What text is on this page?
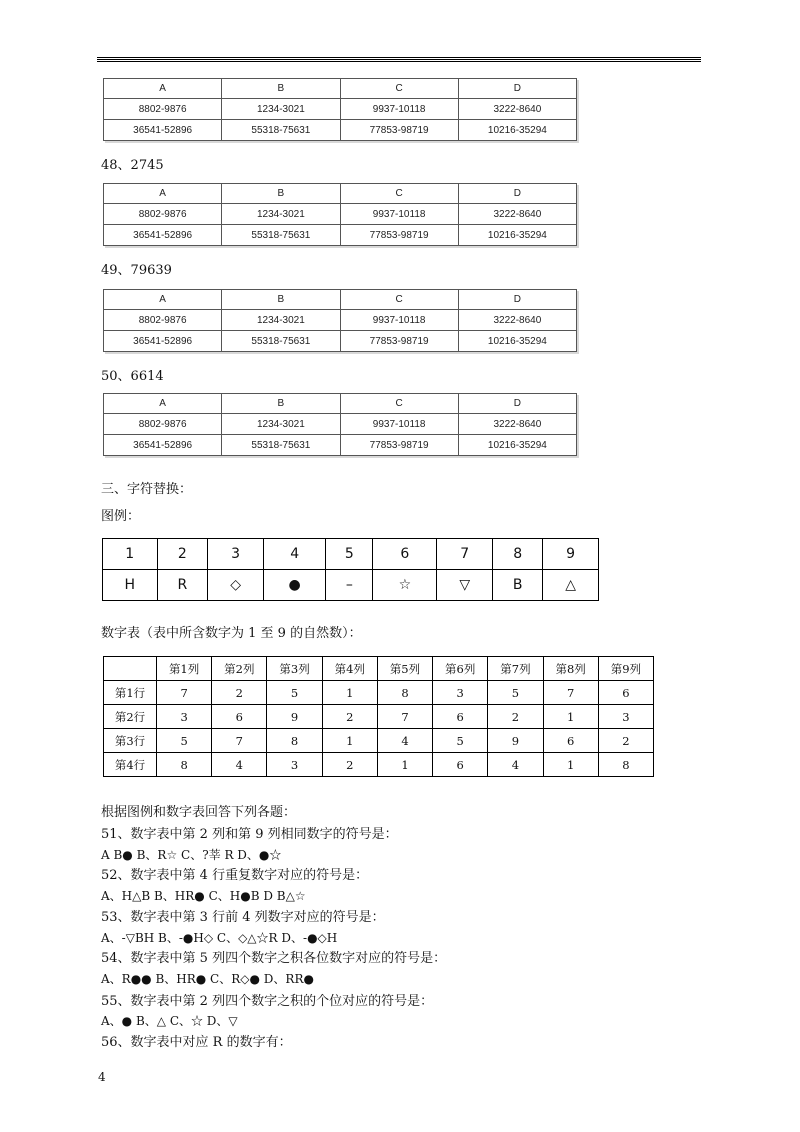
A	B	C	D
8802-9876	1234-3021	9937-10118	3222-8640
36541-52896	55318-75631	77853-98719	10216-35294
48、2745
A	B	C	D
8802-9876	1234-3021	9937-10118	3222-8640
36541-52896	55318-75631	77853-98719	10216-35294
49、79639
A	B	C	D
8802-9876	1234-3021	9937-10118	3222-8640
36541-52896	55318-75631	77853-98719	10216-35294
50、6614
A	B	C	D
8802-9876	1234-3021	9937-10118	3222-8640
36541-52896	55318-75631	77853-98719	10216-35294
三、字符替换：
图例：
1	2	3	4	5	6	7	8	9
H	R	◇	●	–	☆	▽	B	△
数字表（表中所含数字为 1 至 9 的自然数）：
	第1列	第2列	第3列	第4列	第5列	第6列	第7列	第8列	第9列
第1行	7	2	5	1	8	3	5	7	6
第2行	3	6	9	2	7	6	2	1	3
第3行	5	7	8	1	4	5	9	6	2
第4行	8	4	3	2	1	6	4	1	8
根据图例和数字表回答下列各题：
51、数字表中第 2 列和第 9 列相同数字的符号是：
A B● B、R☆ C、?莘 R D、●☆
52、数字表中第 4 行重复数字对应的符号是：
A、H△B B、HR● C、H●B D B△☆
53、数字表中第 3 行前 4 列数字对应的符号是：
A、-▽BH B、-●H◇ C、◇△☆R D、-●◇H
54、数字表中第 5 列四个数字之积各位数字对应的符号是：
A、R●● B、HR● C、R◇● D、RR●
55、数字表中第 2 列四个数字之积的个位对应的符号是：
A、● B、△ C、☆ D、▽
56、数字表中对应 R 的数字有：
4
